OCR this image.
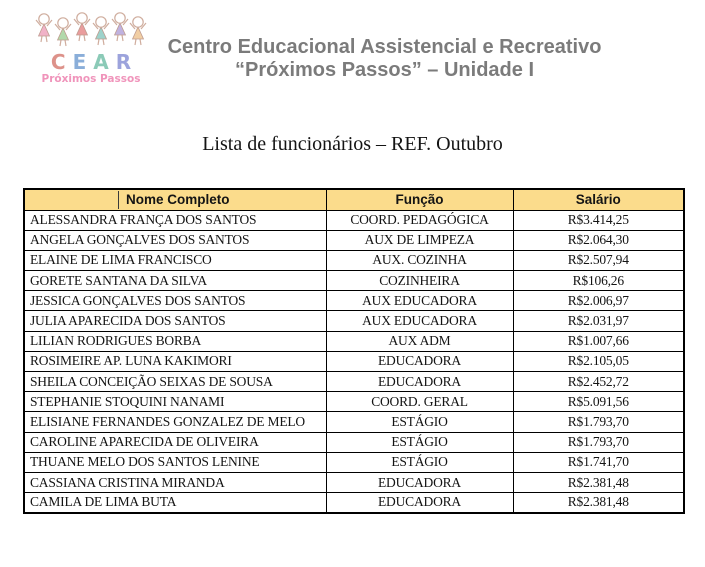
CEAR
Próximos Passos
Centro Educacional Assistencial e Recreativo
“Próximos Passos” – Unidade I
Lista de funcionários – REF. Outubro
Nome Completo	Função	Salário
ALESSANDRA FRANÇA DOS SANTOS	COORD. PEDAGÓGICA	R$3.414,25
ANGELA GONÇALVES DOS SANTOS	AUX DE LIMPEZA	R$2.064,30
ELAINE DE LIMA FRANCISCO	AUX. COZINHA	R$2.507,94
GORETE SANTANA DA SILVA	COZINHEIRA	R$106,26
JESSICA GONÇALVES DOS SANTOS	AUX EDUCADORA	R$2.006,97
JULIA APARECIDA DOS SANTOS	AUX EDUCADORA	R$2.031,97
LILIAN RODRIGUES BORBA	AUX ADM	R$1.007,66
ROSIMEIRE AP. LUNA KAKIMORI	EDUCADORA	R$2.105,05
SHEILA CONCEIÇÃO SEIXAS DE SOUSA	EDUCADORA	R$2.452,72
STEPHANIE STOQUINI NANAMI	COORD. GERAL	R$5.091,56
ELISIANE FERNANDES GONZALEZ DE MELO	ESTÁGIO	R$1.793,70
CAROLINE APARECIDA DE OLIVEIRA	ESTÁGIO	R$1.793,70
THUANE MELO DOS SANTOS LENINE	ESTÁGIO	R$1.741,70
CASSIANA CRISTINA MIRANDA	EDUCADORA	R$2.381,48
CAMILA DE LIMA BUTA	EDUCADORA	R$2.381,48
